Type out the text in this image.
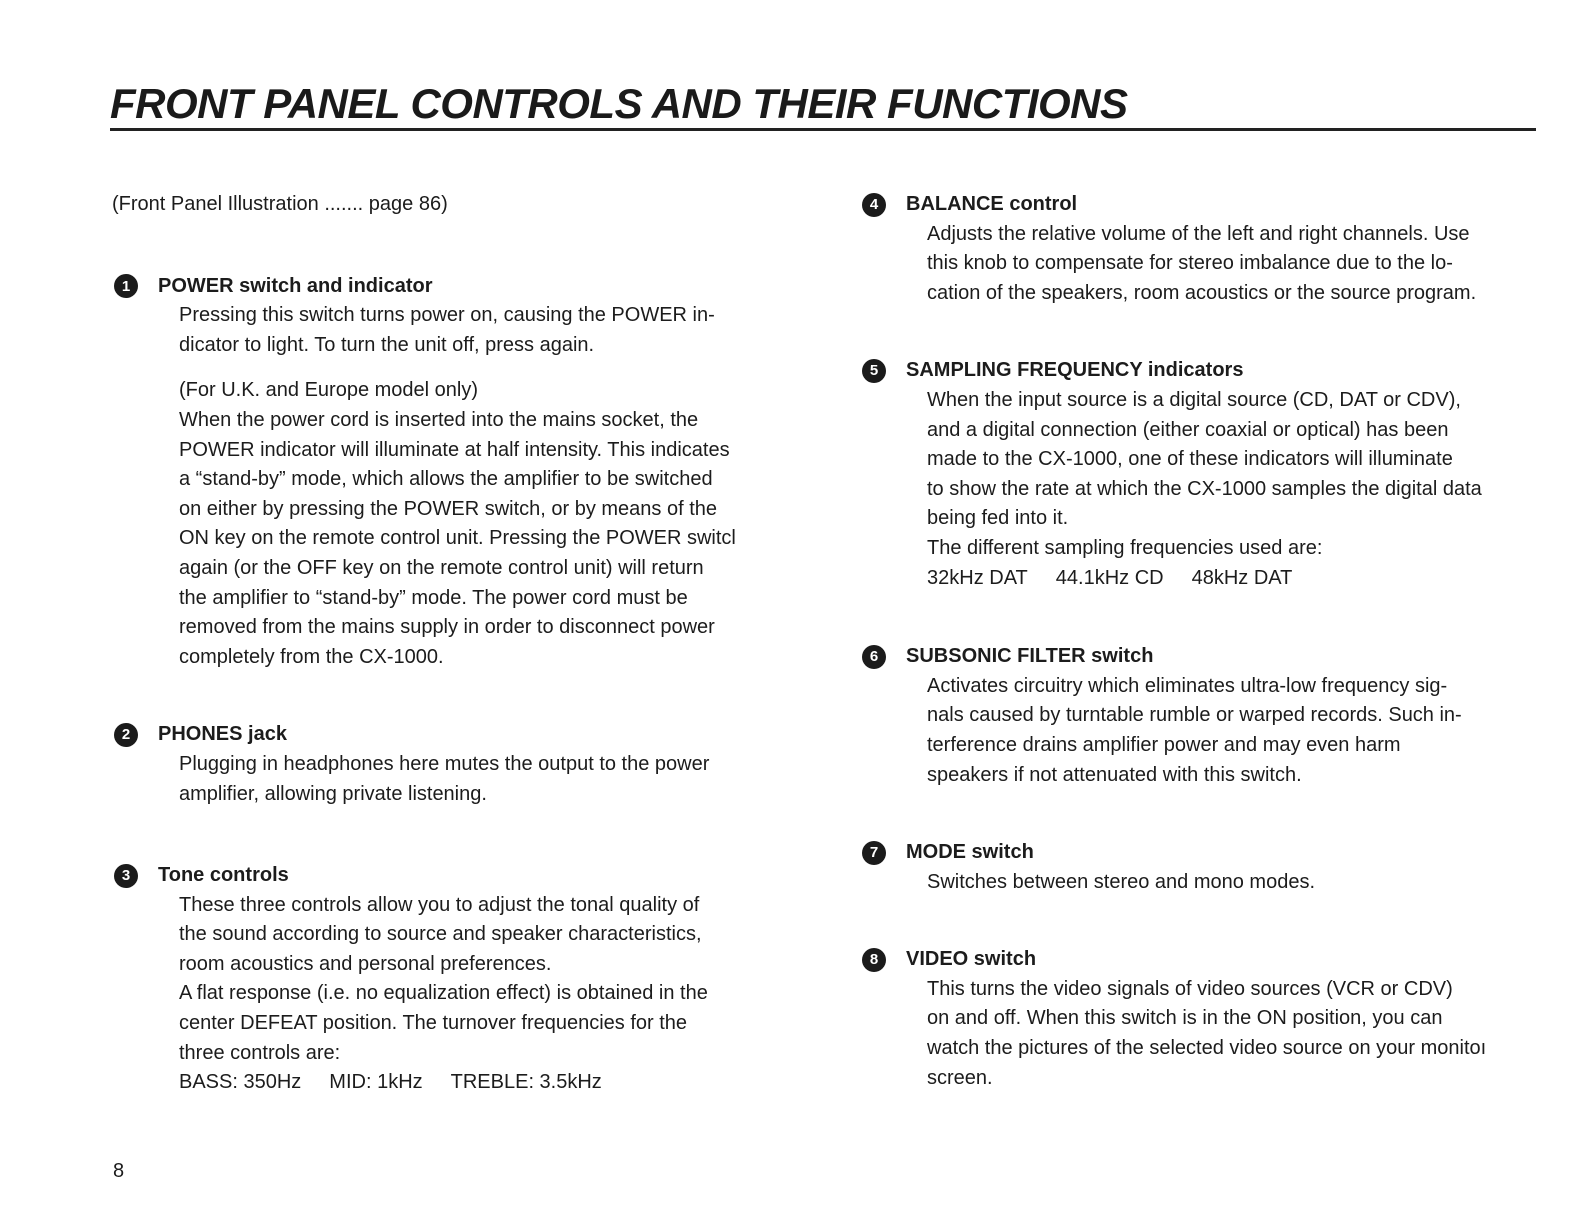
FRONT PANEL CONTROLS AND THEIR FUNCTIONS

(Front Panel Illustration ....... page 86)

1	POWER switch and indicator

Pressing this switch turns power on, causing the POWER in-

dicator to light. To turn the unit off, press again.

(For U.K. and Europe model only)

When the power cord is inserted into the mains socket, the

POWER indicator will illuminate at half intensity. This indicates

a “stand-by” mode, which allows the amplifier to be switched

on either by pressing the POWER switch, or by means of the

ON key on the remote control unit. Pressing the POWER switcl

again (or the OFF key on the remote control unit) will return

the amplifier to “stand-by” mode. The power cord must be

removed from the mains supply in order to disconnect power

completely from the CX-1000.

2	PHONES jack

Plugging in headphones here mutes the output to the power

amplifier, allowing private listening.

3	Tone controls

These three controls allow you to adjust the tonal quality of

the sound according to source and speaker characteristics,

room acoustics and personal preferences.

A flat response (i.e. no equalization effect) is obtained in the

center DEFEAT position. The turnover frequencies for the

three controls are:

BASS: 350Hz MID: 1kHz TREBLE: 3.5kHz

4	BALANCE control

Adjusts the relative volume of the left and right channels. Use

this knob to compensate for stereo imbalance due to the lo-

cation of the speakers, room acoustics or the source program.

5	SAMPLING FREQUENCY indicators

When the input source is a digital source (CD, DAT or CDV),

and a digital connection (either coaxial or optical) has been

made to the CX-1000, one of these indicators will illuminate

to show the rate at which the CX-1000 samples the digital data

being fed into it.

The different sampling frequencies used are:

32kHz DAT 44.1kHz CD 48kHz DAT

6	SUBSONIC FILTER switch

Activates circuitry which eliminates ultra-low frequency sig-

nals caused by turntable rumble or warped records. Such in-

terference drains amplifier power and may even harm

speakers if not attenuated with this switch.

7	MODE switch

Switches between stereo and mono modes.

8	VIDEO switch

This turns the video signals of video sources (VCR or CDV)

on and off. When this switch is in the ON position, you can

watch the pictures of the selected video source on your monitoı

screen.

8
